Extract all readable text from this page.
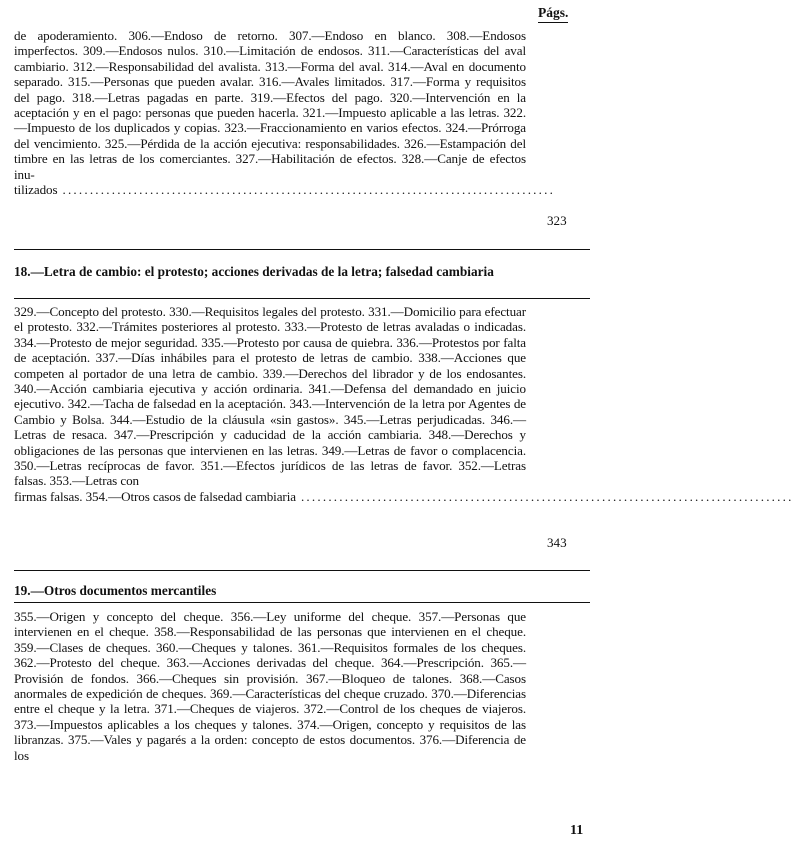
Págs.

de apoderamiento. 306.—Endoso de retorno. 307.—Endoso en blanco. 308.—Endosos imperfectos. 309.—Endosos nulos. 310.—Limitación de endosos. 311.—Características del aval cambiario. 312.—Responsabilidad del avalista. 313.—Forma del aval. 314.—Aval en documento separado. 315.—Personas que pueden avalar. 316.—Avales limitados. 317.—Forma y requisitos del pago. 318.—Letras pagadas en parte. 319.—Efectos del pago. 320.—Intervención en la aceptación y en el pago: personas que pueden hacerla. 321.—Impuesto aplicable a las letras. 322.—Impuesto de los duplicados y copias. 323.—Fraccionamiento en varios efectos. 324.—Prórroga del vencimiento. 325.—Pérdida de la acción ejecutiva: responsabilidades. 326.—Estampación del timbre en las letras de los comerciantes. 327.—Habilitación de efectos. 328.—Canje de efectos inu-

tilizados ..........................................................................................
323
18.—Letra de cambio: el protesto; acciones derivadas de la letra; falsedad cambiaria

329.—Concepto del protesto. 330.—Requisitos legales del protesto. 331.—Domicilio para efectuar el protesto. 332.—Trámites posteriores al protesto. 333.—Protesto de letras avaladas o indicadas. 334.—Protesto de mejor seguridad. 335.—Protesto por causa de quiebra. 336.—Protestos por falta de aceptación. 337.—Días inhábiles para el protesto de letras de cambio. 338.—Acciones que competen al portador de una letra de cambio. 339.—Derechos del librador y de los endosantes. 340.—Acción cambiaria ejecutiva y acción ordinaria. 341.—Defensa del demandado en juicio ejecutivo. 342.—Tacha de falsedad en la aceptación. 343.—Intervención de la letra por Agentes de Cambio y Bolsa. 344.—Estudio de la cláusula «sin gastos». 345.—Letras perjudicadas. 346.—Letras de resaca. 347.—Prescripción y caducidad de la acción cambiaria. 348.—Derechos y obligaciones de las personas que intervienen en las letras. 349.—Letras de favor o complacencia. 350.—Letras recíprocas de favor. 351.—Efectos jurídicos de las letras de favor. 352.—Letras falsas. 353.—Letras con

firmas falsas. 354.—Otros casos de falsedad cambiaria ..........................................................................................
343
19.—Otros documentos mercantiles

355.—Origen y concepto del cheque. 356.—Ley uniforme del cheque. 357.—Personas que intervienen en el cheque. 358.—Responsabilidad de las personas que intervienen en el cheque. 359.—Clases de cheques. 360.—Cheques y talones. 361.—Requisitos formales de los cheques. 362.—Protesto del cheque. 363.—Acciones derivadas del cheque. 364.—Prescripción. 365.—Provisión de fondos. 366.—Cheques sin provisión. 367.—Bloqueo de talones. 368.—Casos anormales de expedición de cheques. 369.—Características del cheque cruzado. 370.—Diferencias entre el cheque y la letra. 371.—Cheques de viajeros. 372.—Control de los cheques de viajeros. 373.—Impuestos aplicables a los cheques y talones. 374.—Origen, concepto y requisitos de las libranzas. 375.—Vales y pagarés a la orden: concepto de estos documentos. 376.—Diferencia de los

11
